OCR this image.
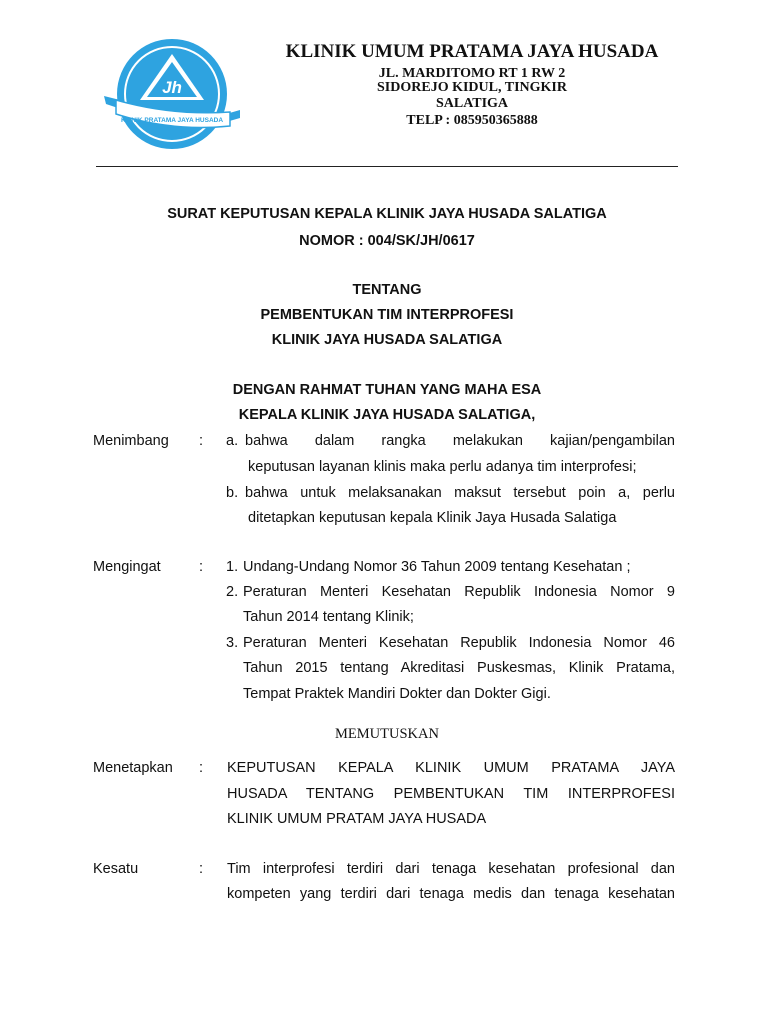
Jh
KLINIK PRATAMA JAYA HUSADA
KLINIK UMUM PRATAMA JAYA HUSADA
JL. MARDITOMO RT 1 RW 2
SIDOREJO KIDUL, TINGKIR
SALATIGA
TELP : 085950365888
SURAT KEPUTUSAN KEPALA KLINIK JAYA HUSADA SALATIGA
NOMOR : 004/SK/JH/0617
TENTANG
PEMBENTUKAN TIM INTERPROFESI
KLINIK JAYA HUSADA SALATIGA
DENGAN RAHMAT TUHAN YANG MAHA ESA
KEPALA KLINIK JAYA HUSADA SALATIGA,
Menimbang : a. bahwa dalam rangka melakukan kajian/pengambilan
keputusan layanan klinis maka perlu adanya tim interprofesi;
b. bahwa untuk melaksanakan maksut tersebut poin a, perlu
ditetapkan keputusan kepala Klinik Jaya Husada Salatiga
Mengingat	: 1. Undang-Undang Nomor 36 Tahun 2009 tentang Kesehatan ;
2. Peraturan Menteri Kesehatan Republik Indonesia Nomor 9
Tahun 2014 tentang Klinik;
3. Peraturan Menteri Kesehatan Republik Indonesia Nomor 46
Tahun 2015 tentang Akreditasi Puskesmas, Klinik Pratama,
Tempat Praktek Mandiri Dokter dan Dokter Gigi.
MEMUTUSKAN
Menetapkan : KEPUTUSAN KEPALA KLINIK UMUM PRATAMA JAYA
HUSADA TENTANG PEMBENTUKAN TIM INTERPROFESI
KLINIK UMUM PRATAM JAYA HUSADA
Kesatu	: Tim interprofesi terdiri dari tenaga kesehatan profesional dan
kompeten yang terdiri dari tenaga medis dan tenaga kesehatan
